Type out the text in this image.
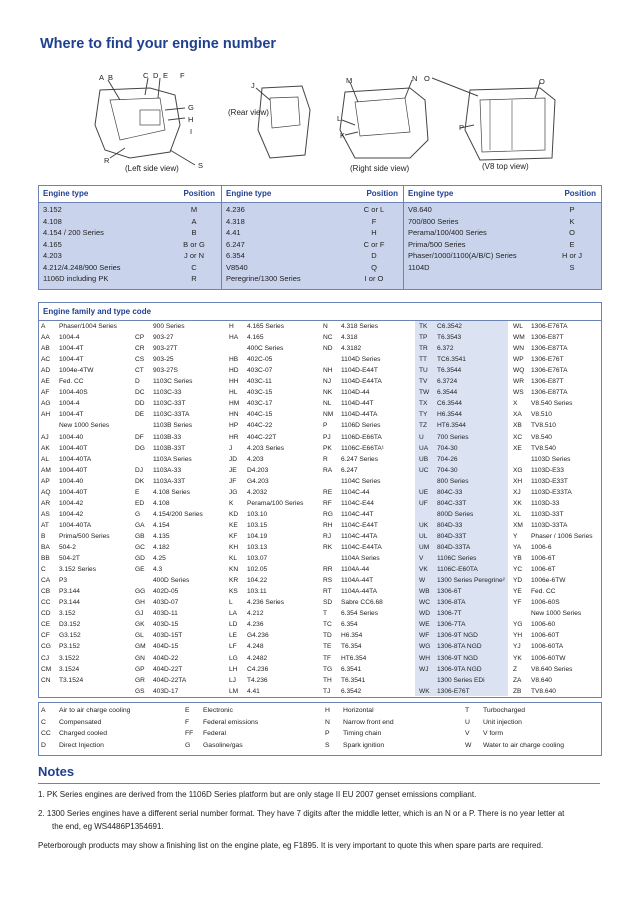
Where to find your engine number
A B	C D E F
G
H
I
R
S
J
M	N O	O
L
K
P
(Left side view)
(Rear view)
(Right side view)	(V8 top view)
Engine type	Position
3.152	M
4.108	A
4.154 / 200 Series	B
4.165	B or G
4.203	J or N
4.212/4.248/900 Series	C
1106D including PK	R
Engine type	Position
4.236	C or L
4.318	F
4.41	H
6.247	C or F
6.354	D
V8540	Q
Peregrine/1300 Series	I or O
Engine type	Position
V8.640	P
700/800 Series	K
Perama/100/400 Series	O
Prima/500 Series	E
Phaser/1000/1100(A/B/C) Series	H or J
1104D	S
Engine family and type code
A Phaser/1004 Series
AA 1004-4
AB 1004-4T
AC 1004-4T
AD 1004e-4TW
AE Fed. CC
AF 1004-40S
AG 1004-4
AH 1004-4T
New 1000 Series
AJ 1004-40
AK 1004-40T
AL 1004-40TA
AM 1004-40T
AP 1004-40
AQ 1004-40T
AR 1004-42
AS 1004-42
AT 1004-40TA
B Prima/500 Series
BA 504-2
BB 504-2T
C 3.152 Series
CA P3
CB P3.144
CC P3.144
CD 3.152
CE D3.152
CF G3.152
CG P3.152
CJ 3.1522
CM 3.1524
CN T3.1524
900 Series
CP 903-27
CR 903-27T
CS 903-25
CT 903-27S
D 1103C Series
DC 1103C-33
DD 1103C-33T
DE 1103C-33TA
1103B Series
DF 1103B-33
DG 1103B-33T
1103A Series
DJ 1103A-33
DK 1103A-33T
E 4.108 Series
ED 4.108
G 4.154/200 Series
GA 4.154
GB 4.135
GC 4.182
GD 4.25
GE 4.3
400D Series
GG 402D-05
GH 403D-07
GJ 403D-11
GK 403D-15
GL 403D-15T
GM 404D-15
GN 404D-22
GP 404D-22T
GR 404D-22TA
GS 403D-17
H 4.165 Series
HA 4.165
400C Series
HB 402C-05
HD 403C-07
HH 403C-11
HL 403C-15
HM 403C-17
HN 404C-15
HP 404C-22
HR 404C-22T
J 4.203 Series
JD 4.203
JE D4.203
JF G4.203
JG 4.2032
K Perama/100 Series
KD 103.10
KE 103.15
KF 104.19
KH 103.13
KL 103.07
KN 102.05
KR 104.22
KS 103.11
L 4.236 Series
LA 4.212
LD 4.236
LE G4.236
LF 4.248
LG 4.2482
LH C4.236
LJ T4.236
LM 4.41
N 4.318 Series
NC 4.318
ND 4.3182
1104D Series
NH 1104D-E44T
NJ 1104D-E44TA
NK 1104D-44
NL 1104D-44T
NM 1104D-44TA
P 1106D Series
PJ 1106D-E66TA
PK 1106C-E66TA¹
R 6.247 Series
RA 6.247
1104C Series
RE 1104C-44
RF 1104C-E44
RG 1104C-44T
RH 1104C-E44T
RJ 1104C-44TA
RK 1104C-E44TA
1104A Series
RR 1104A-44
RS 1104A-44T
RT 1104A-44TA
SD Sabre CC6.68
T 6.354 Series
TC 6.354
TD H6.354
TE T6.354
TF HT6.354
TG 6.3541
TH T6.3541
TJ 6.3542
TK C6.3542
TP T6.3543
TR 6.372
TT TC6.3541
TU T6.3544
TV 6.3724
TW 6.3544
TX C6.3544
TY H6.3544
TZ HT6.3544
U 700 Series
UA 704-30
UB 704-26
UC 704-30
800 Series
UE 804C-33
UF 804C-33T
800D Series
UK 804D-33
UL 804D-33T
UM 804D-33TA
V 1106C Series
VK 1106C-E60TA
W 1300 Series Peregrine²
WB 1306-6T
WC 1306-8TA
WD 1306-7T
WE 1306-7TA
WF 1306-9T NGD
WG 1306-8TA NGD
WH 1306-9T NGD
WJ 1306-9TA NGD
1300 Series EDi
WK 1306-E76T
WL 1306-E76TA
WM 1306-E87T
WN 1306-E87TA
WP 1306-E76T
WQ 1306-E76TA
WR 1306-E87T
WS 1306-E87TA
X V8.540 Series
XA V8.510
XB TV8.510
XC V8.540
XE TV8.540
1103D Series
XG 1103D-E33
XH 1103D-E33T
XJ 1103D-E33TA
XK 1103D-33
XL 1103D-33T
XM 1103D-33TA
Y Phaser / 1006 Series
YA 1006-6
YB 1006-6T
YC 1006-6T
YD 1006e-6TW
YE Fed. CC
YF 1006-60S
New 1000 Series
YG 1006-60
YH 1006-60T
YJ 1006-60TA
YK 1006-60TW
Z V8.640 Series
ZA V8.640
ZB TV8.640
A Air to air charge cooling
C Compensated
CC Charged cooled
D Direct Injection
E Electronic
F Federal emissions
FF Federal
G Gasoline/gas
H Horizontal
N Narrow front end
P Timing chain
S Spark ignition
T Turbocharged
U Unit injection
V V form
W Water to air charge cooling
Notes
1. PK Series engines are derived from the 1106D Series platform but are only stage II EU 2007 genset emissions compliant.
2. 1300 Series engines have a different serial number format. They have 7 digits after the middle letter, which is an N or a P. There is no year letter at
the end, eg WS4486P1354691.
Peterborough products may show a finishing list on the engine plate, eg F1895. It is very important to quote this when spare parts are required.
